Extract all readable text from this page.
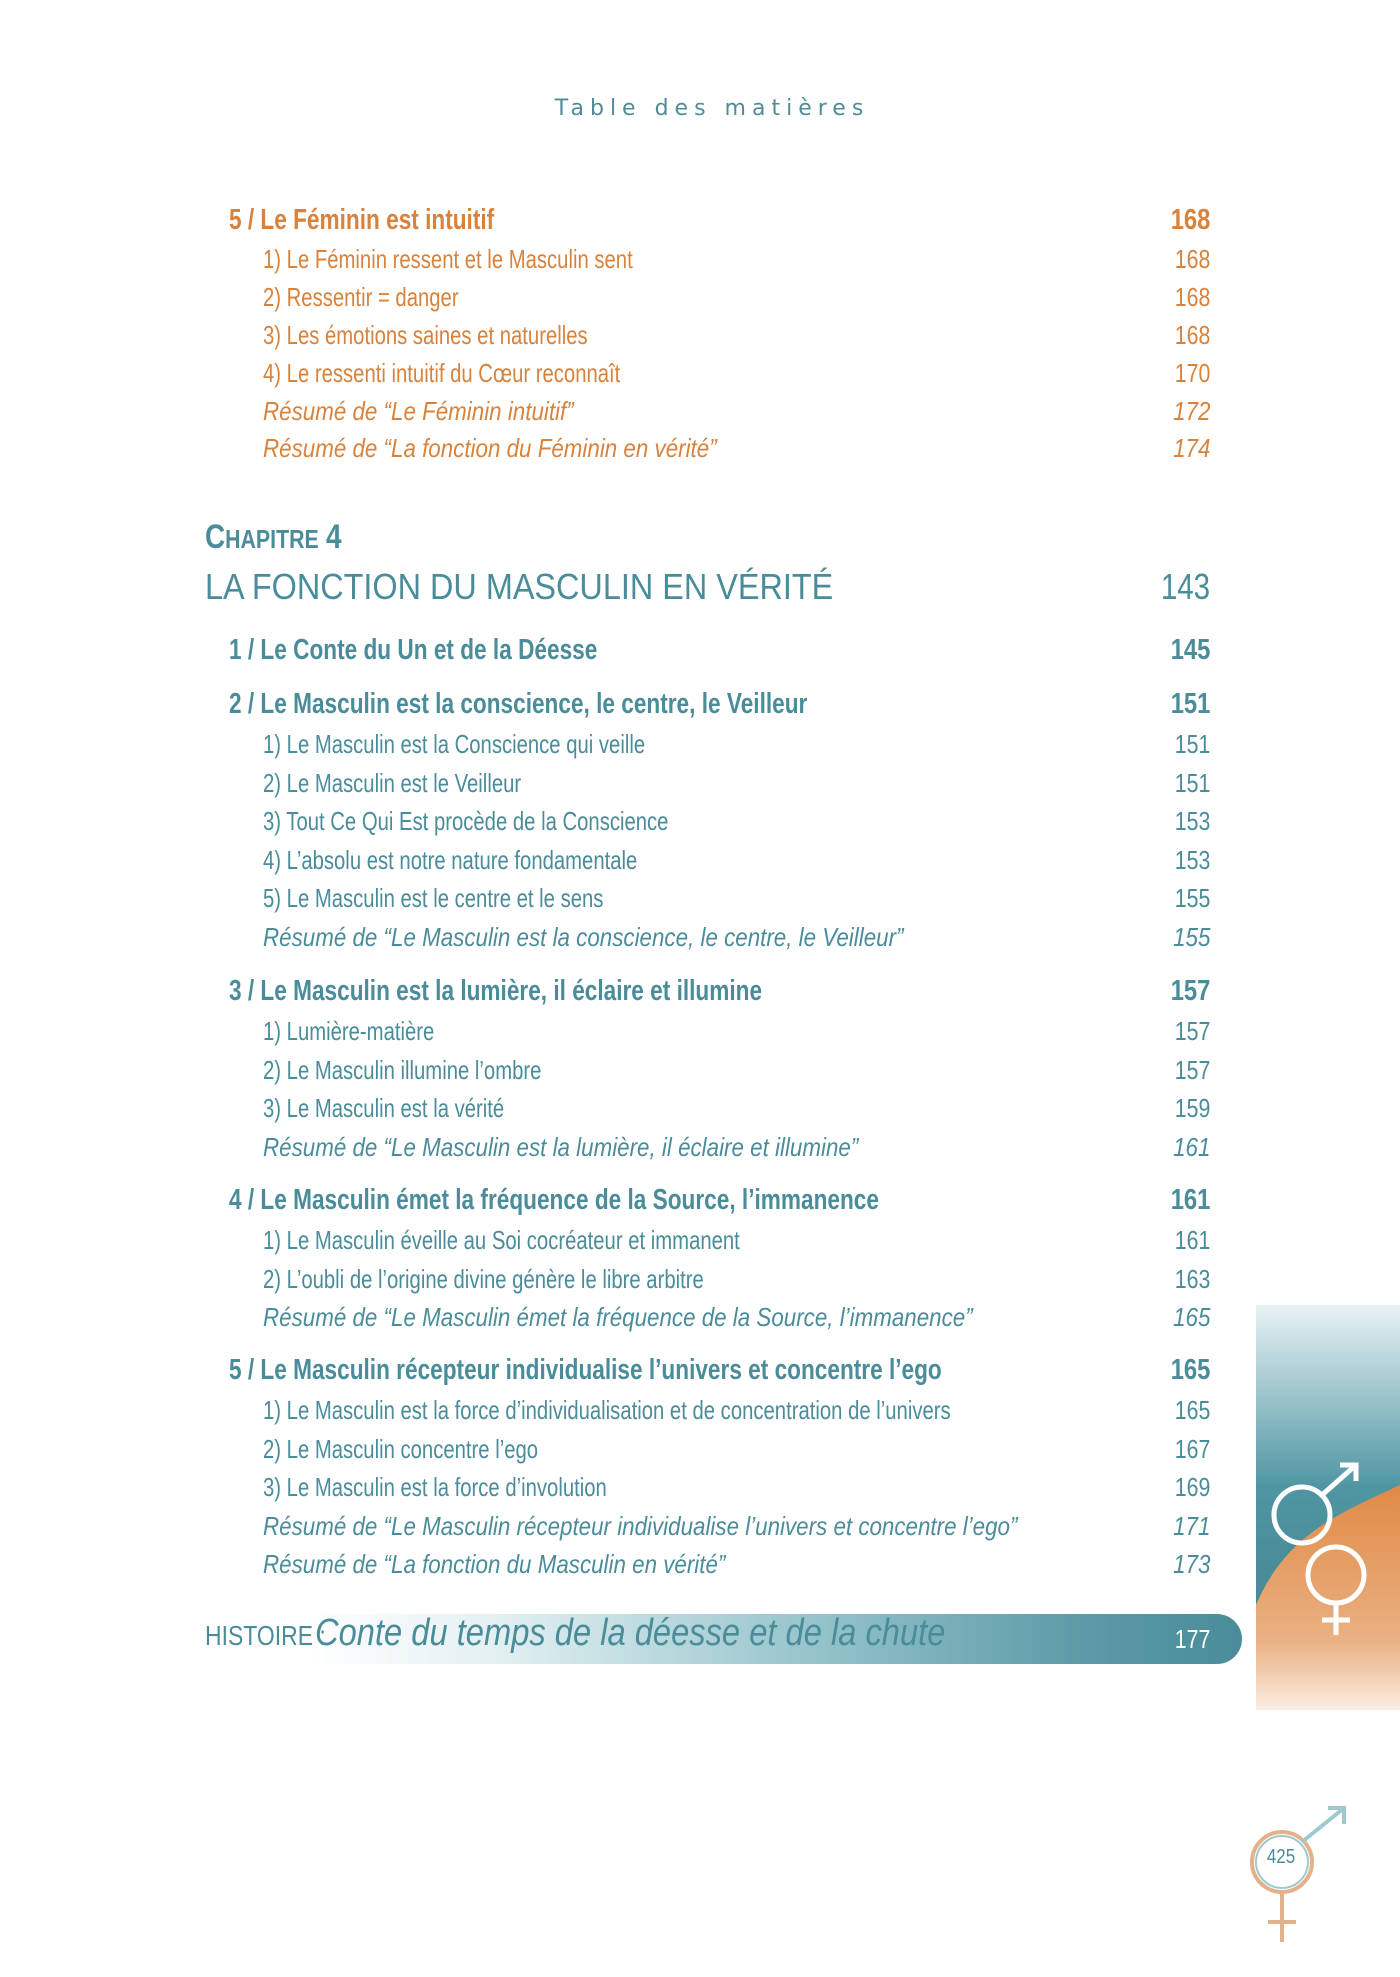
Table des matières
5 / Le Féminin est intuitif	168
1) Le Féminin ressent et le Masculin sent	168
2) Ressentir = danger	168
3) Les émotions saines et naturelles	168
4) Le ressenti intuitif du Cœur reconnaît	170
Résumé de “Le Féminin intuitif”	172
Résumé de “La fonction du Féminin en vérité”	174
CHAPITRE 4
LA FONCTION DU MASCULIN EN VÉRITÉ	143
1 / Le Conte du Un et de la Déesse	145
2 / Le Masculin est la conscience, le centre, le Veilleur	151
1) Le Masculin est la Conscience qui veille	151
2) Le Masculin est le Veilleur	151
3) Tout Ce Qui Est procède de la Conscience	153
4) L’absolu est notre nature fondamentale	153
5) Le Masculin est le centre et le sens	155
Résumé de “Le Masculin est la conscience, le centre, le Veilleur”	155
3 / Le Masculin est la lumière, il éclaire et illumine	157
1) Lumière-matière	157
2) Le Masculin illumine l’ombre	157
3) Le Masculin est la vérité	159
Résumé de “Le Masculin est la lumière, il éclaire et illumine”	161
4 / Le Masculin émet la fréquence de la Source, l’immanence	161
1) Le Masculin éveille au Soi cocréateur et immanent	161
2) L’oubli de l’origine divine génère le libre arbitre	163
Résumé de “Le Masculin émet la fréquence de la Source, l’immanence”	165
5 / Le Masculin récepteur individualise l’univers et concentre l’ego	165
1) Le Masculin est la force d’individualisation et de concentration de l’univers	165
2) Le Masculin concentre l’ego	167
3) Le Masculin est la force d’involution	169
Résumé de “Le Masculin récepteur individualise l’univers et concentre l’ego”	171
Résumé de “La fonction du Masculin en vérité”	173
HISTOIRE :
Conte du temps de la déesse et de la chute	177
425
